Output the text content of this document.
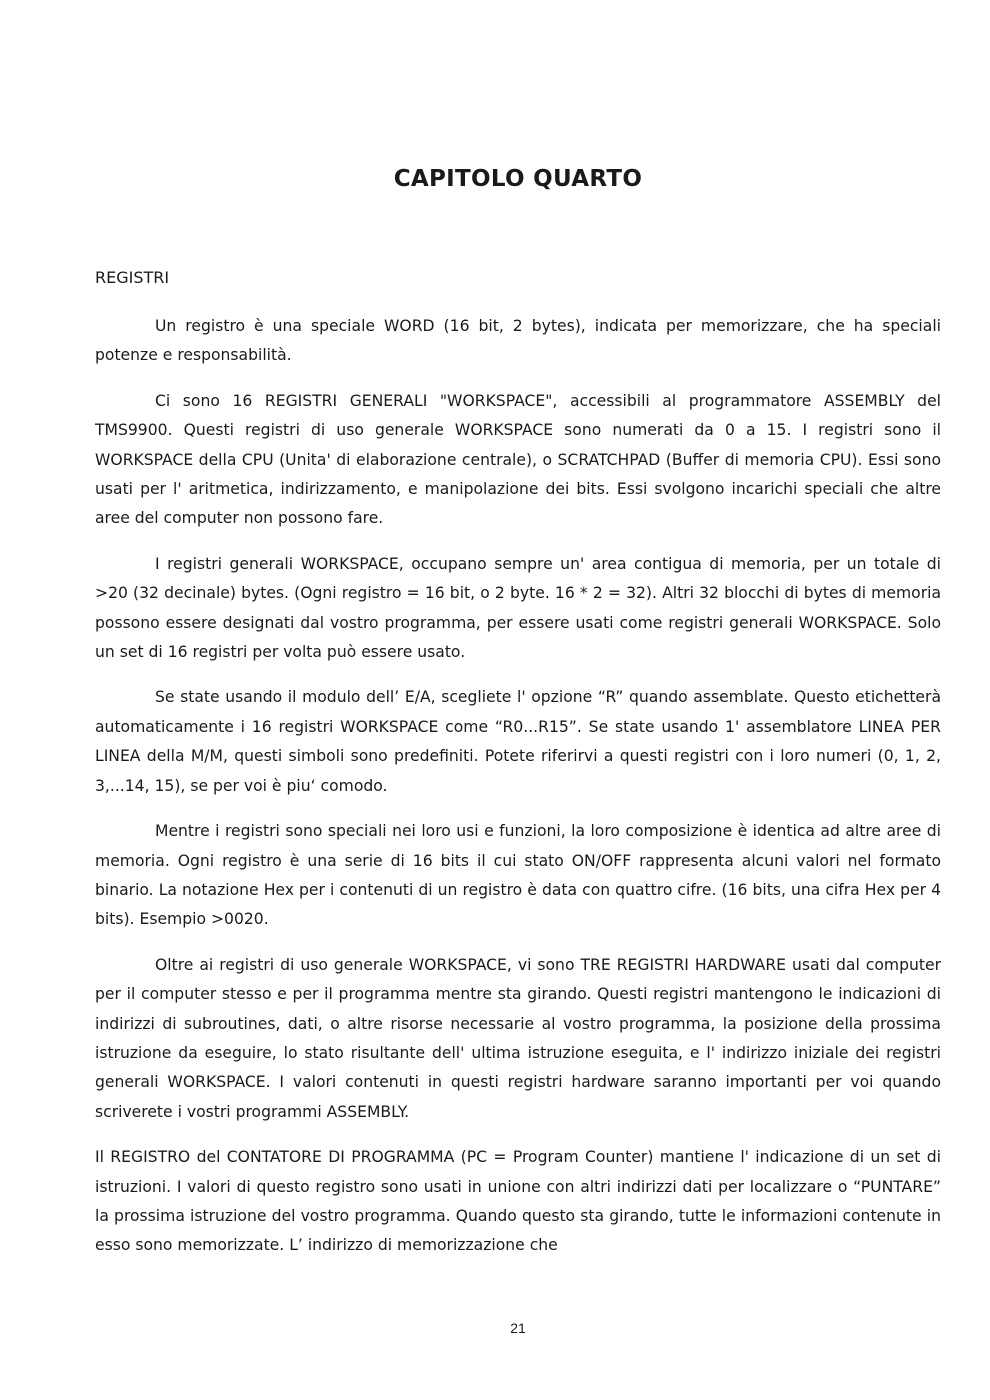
CAPITOLO QUARTO
REGISTRI

Un registro è una speciale WORD (16 bit, 2 bytes), indicata per memorizzare, che ha speciali potenze e responsabilità.

Ci sono 16 REGISTRI GENERALI "WORKSPACE", accessibili al programmatore ASSEMBLY del TMS9900. Questi registri di uso generale WORKSPACE sono numerati da 0 a 15. I registri sono il WORKSPACE della CPU (Unita' di elaborazione centrale), o SCRATCHPAD (Buffer di memoria CPU). Essi sono usati per l' aritmetica, indirizzamento, e manipolazione dei bits. Essi svolgono incarichi speciali che altre aree del computer non possono fare.

I registri generali WORKSPACE, occupano sempre un' area contigua di memoria, per un totale di >20 (32 decinale) bytes. (Ogni registro = 16 bit, o 2 byte. 16 * 2 = 32). Altri 32 blocchi di bytes di memoria possono essere designati dal vostro programma, per essere usati come registri generali WORKSPACE. Solo un set di 16 registri per volta può essere usato.

Se state usando il modulo dell’ E/A, scegliete l' opzione “R” quando assemblate. Questo etichetterà automaticamente i 16 registri WORKSPACE come “R0...R15”. Se state usando 1' assemblatore LINEA PER LINEA della M/M, questi simboli sono predefiniti. Potete riferirvi a questi registri con i loro numeri (0, 1, 2, 3,...14, 15), se per voi è piu‘ comodo.

Mentre i registri sono speciali nei loro usi e funzioni, la loro composizione è identica ad altre aree di memoria. Ogni registro è una serie di 16 bits il cui stato ON/OFF rappresenta alcuni valori nel formato binario. La notazione Hex per i contenuti di un registro è data con quattro cifre. (16 bits, una cifra Hex per 4 bits). Esempio >0020.

Oltre ai registri di uso generale WORKSPACE, vi sono TRE REGISTRI HARDWARE usati dal computer per il computer stesso e per il programma mentre sta girando. Questi registri mantengono le indicazioni di indirizzi di subroutines, dati, o altre risorse necessarie al vostro programma, la posizione della prossima istruzione da eseguire, lo stato risultante dell' ultima istruzione eseguita, e l' indirizzo iniziale dei registri generali WORKSPACE. I valori contenuti in questi registri hardware saranno importanti per voi quando scriverete i vostri programmi ASSEMBLY.

Il REGISTRO del CONTATORE DI PROGRAMMA (PC = Program Counter) mantiene l' indicazione di un set di istruzioni. I valori di questo registro sono usati in unione con altri indirizzi dati per localizzare o “PUNTARE” la prossima istruzione del vostro programma. Quando questo sta girando, tutte le informazioni contenute in esso sono memorizzate. L’ indirizzo di memorizzazione che

21
